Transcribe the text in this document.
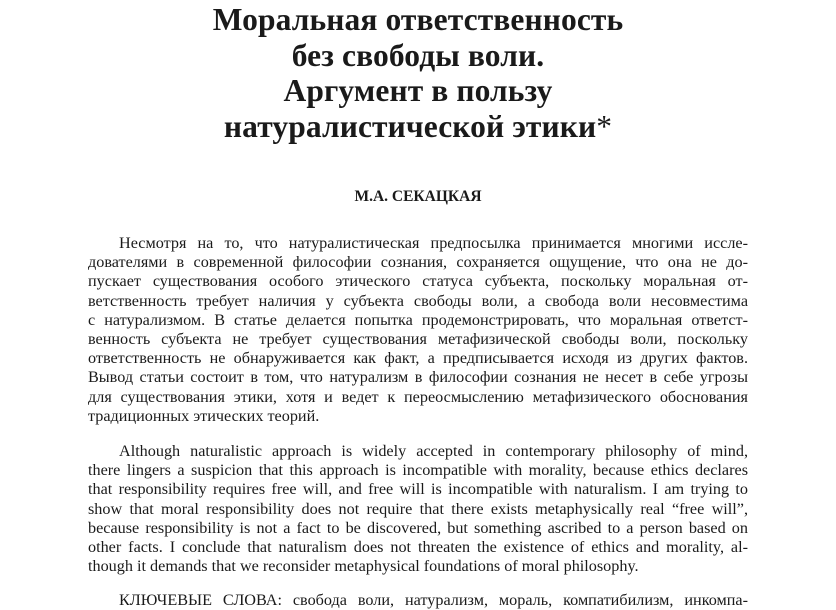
Моральная ответственность
без свободы воли.
Аргумент в пользу
натуралистической этики*
М.А. СЕКАЦКАЯ
Несмотря на то, что натуралистическая предпосылка принимается многими иссле-
дователями в современной философии сознания, сохраняется ощущение, что она не до-
пускает существования особого этического статуса субъекта, поскольку моральная от-
ветственность требует наличия у субъекта свободы воли, а свобода воли несовместима
с натурализмом. В статье делается попытка продемонстрировать, что моральная ответст-
венность субъекта не требует существования метафизической свободы воли, поскольку
ответственность не обнаруживается как факт, а предписывается исходя из других фактов.
Вывод статьи состоит в том, что натурализм в философии сознания не несет в себе угрозы
для существования этики, хотя и ведет к переосмыслению метафизического обоснования
традиционных этических теорий.
Although naturalistic approach is widely accepted in contemporary philosophy of mind,
there lingers a suspicion that this approach is incompatible with morality, because ethics declares
that responsibility requires free will, and free will is incompatible with naturalism. I am trying to
show that moral responsibility does not require that there exists metaphysically real “free will”,
because responsibility is not a fact to be discovered, but something ascribed to a person based on
other facts. I conclude that naturalism does not threaten the existence of ethics and morality, al-
though it demands that we reconsider metaphysical foundations of moral philosophy.
КЛЮЧЕВЫЕ СЛОВА: свобода воли, натурализм, мораль, компатибилизм, инкомпа-
